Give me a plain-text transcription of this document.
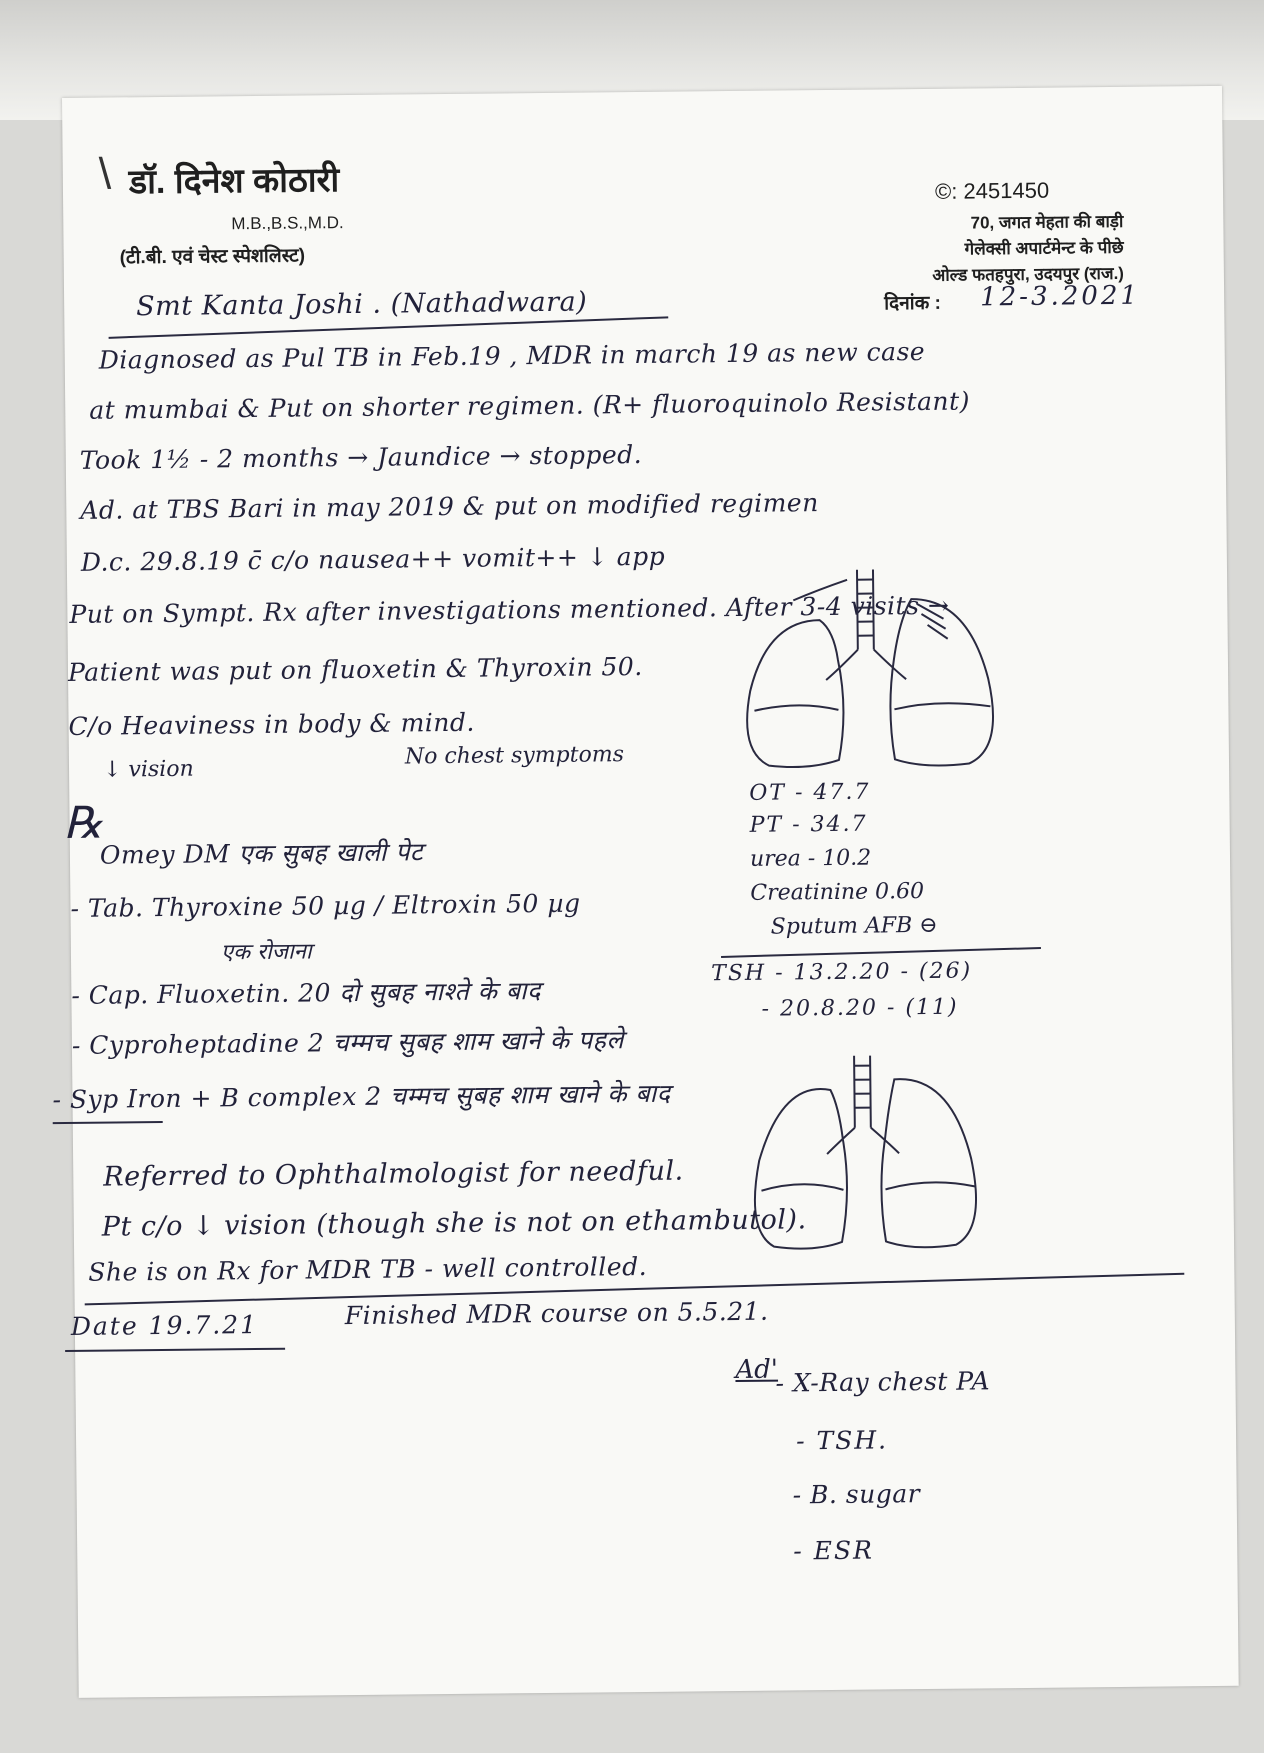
\ डॉ. दिनेश कोठारी
M.B.,B.S.,M.D.
(टी.बी. एवं चेस्ट स्पेशलिस्ट)
©: 2451450
70, जगत मेहता की बाड़ी
गेलेक्सी अपार्टमेन्ट के पीछे
ओल्ड फतहपुरा, उदयपुर (राज.)
दिनांक : 12-3.2021
Smt Kanta Joshi . (Nathadwara)
Diagnosed as Pul TB in Feb.19 , MDR in march 19 as new case
at mumbai & Put on shorter regimen. (R+ fluoroquinolo Resistant)
Took 1½ - 2 months → Jaundice → stopped.
Ad. at TBS Bari in may 2019 & put on modified regimen
D.c. 29.8.19 c̄ c/o nausea++ vomit++ ↓ app
Put on Sympt. Rx after investigations mentioned. After 3-4 visits →
Patient was put on fluoxetin & Thyroxin 50.
C/o Heaviness in body & mind.
↓ vision
No chest symptoms
OT - 47.7
PT - 34.7
urea - 10.2
Creatinine 0.60
Sputum AFB ⊖
TSH - 13.2.20 - (26)
- 20.8.20 - (11)
℞
Omey DM एक सुबह खाली पेट
- Tab. Thyroxine 50 µg / Eltroxin 50 µg
एक रोजाना
- Cap. Fluoxetin. 20 दो सुबह नाश्ते के बाद
- Cyproheptadine 2 चम्मच सुबह शाम खाने के पहले
- Syp Iron + B complex 2 चम्मच सुबह शाम खाने के बाद
Referred to Ophthalmologist for needful.
Pt c/o ↓ vision (though she is not on ethambutol).
She is on Rx for MDR TB - well controlled.
Date 19.7.21	Finished MDR course on 5.5.21.
Ad'
- X-Ray chest PA
- TSH.
- B. sugar
- ESR
